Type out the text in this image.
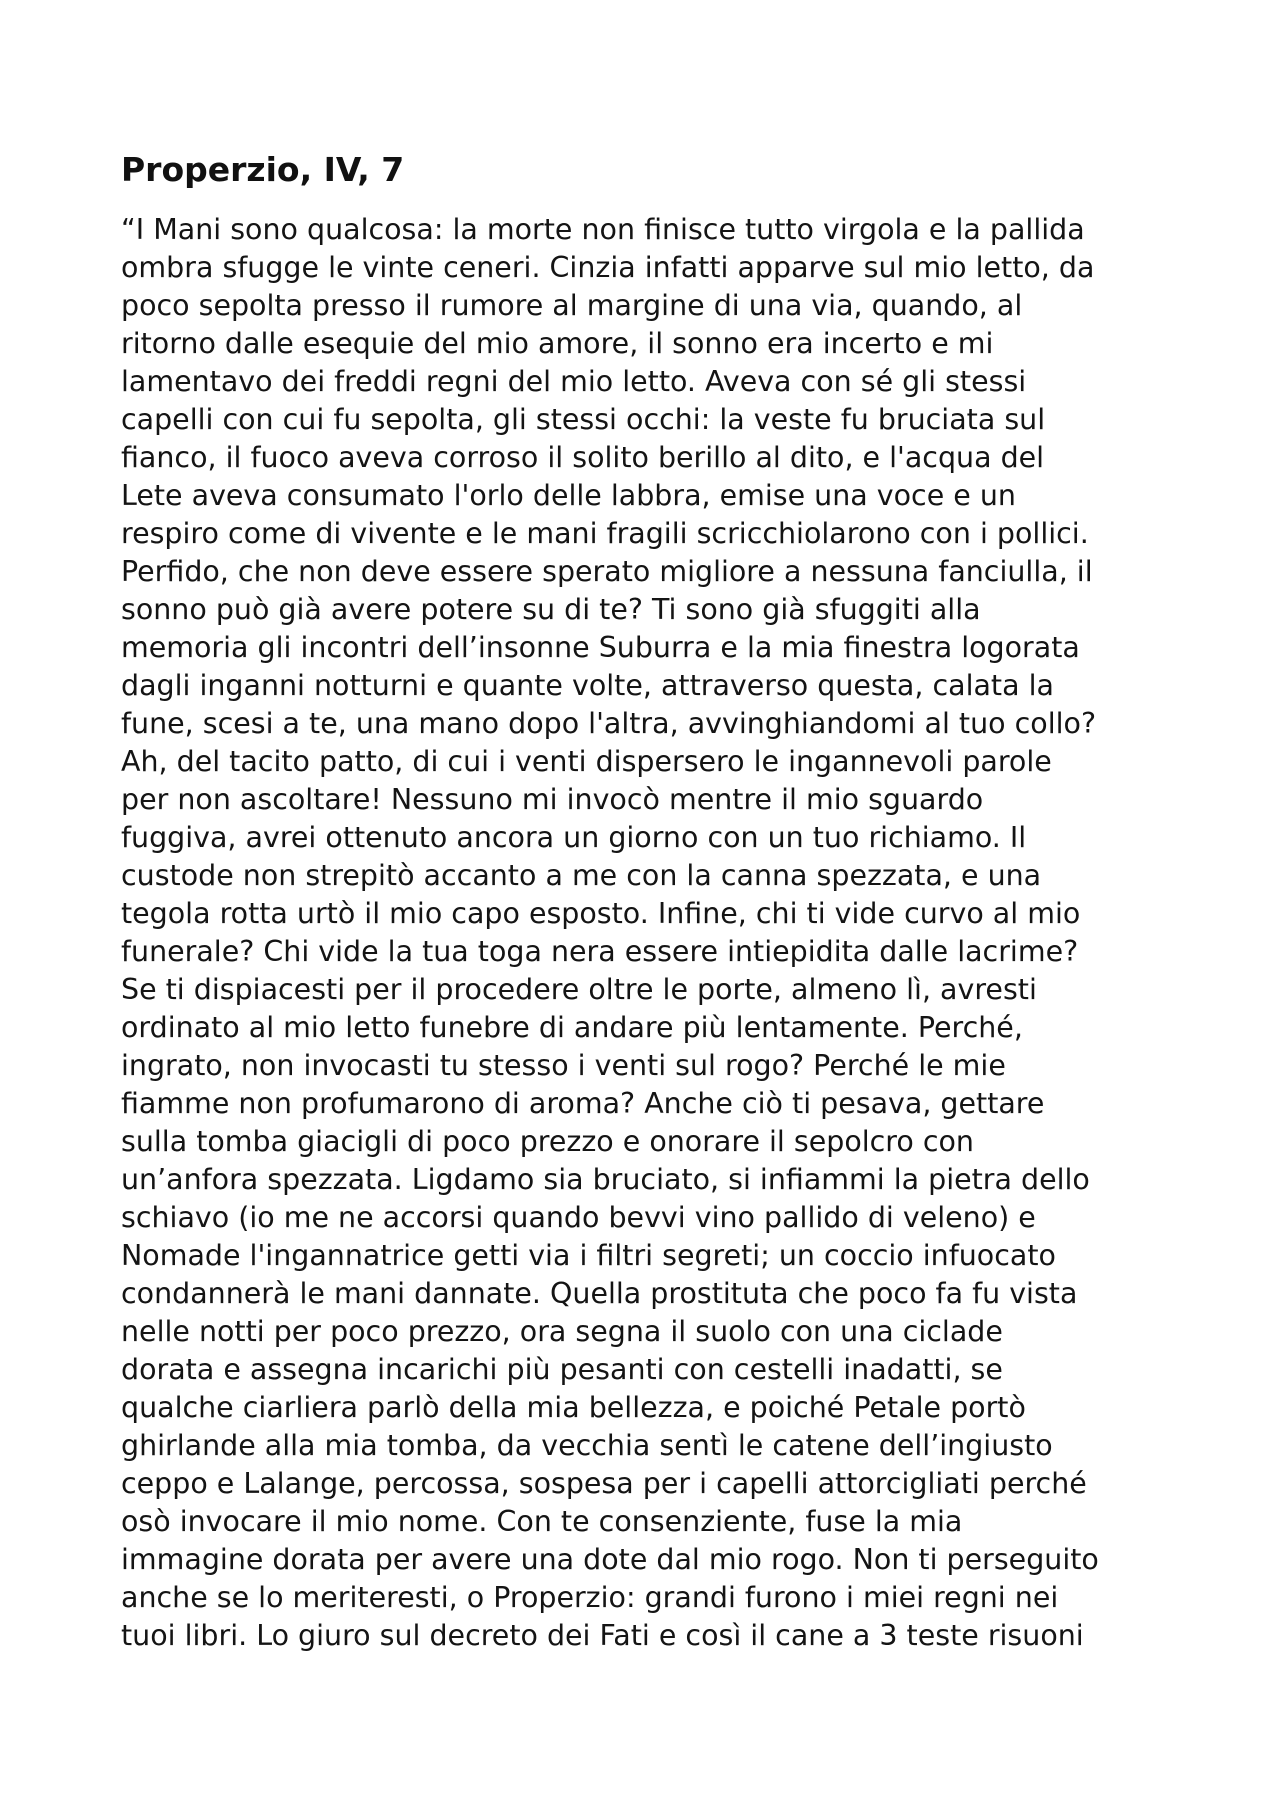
Properzio, IV, 7
“I Mani sono qualcosa: la morte non finisce tutto virgola e la pallida
ombra sfugge le vinte ceneri. Cinzia infatti apparve sul mio letto, da
poco sepolta presso il rumore al margine di una via, quando, al
ritorno dalle esequie del mio amore, il sonno era incerto e mi
lamentavo dei freddi regni del mio letto. Aveva con sé gli stessi
capelli con cui fu sepolta, gli stessi occhi: la veste fu bruciata sul
fianco, il fuoco aveva corroso il solito berillo al dito, e l'acqua del
Lete aveva consumato l'orlo delle labbra, emise una voce e un
respiro come di vivente e le mani fragili scricchiolarono con i pollici.
Perfido, che non deve essere sperato migliore a nessuna fanciulla, il
sonno può già avere potere su di te? Ti sono già sfuggiti alla
memoria gli incontri dell’insonne Suburra e la mia finestra logorata
dagli inganni notturni e quante volte, attraverso questa, calata la
fune, scesi a te, una mano dopo l'altra, avvinghiandomi al tuo collo?
Ah, del tacito patto, di cui i venti dispersero le ingannevoli parole
per non ascoltare! Nessuno mi invocò mentre il mio sguardo
fuggiva, avrei ottenuto ancora un giorno con un tuo richiamo. Il
custode non strepitò accanto a me con la canna spezzata, e una
tegola rotta urtò il mio capo esposto. Infine, chi ti vide curvo al mio
funerale? Chi vide la tua toga nera essere intiepidita dalle lacrime?
Se ti dispiacesti per il procedere oltre le porte, almeno lì, avresti
ordinato al mio letto funebre di andare più lentamente. Perché,
ingrato, non invocasti tu stesso i venti sul rogo? Perché le mie
fiamme non profumarono di aroma? Anche ciò ti pesava, gettare
sulla tomba giacigli di poco prezzo e onorare il sepolcro con
un’anfora spezzata. Ligdamo sia bruciato, si infiammi la pietra dello
schiavo (io me ne accorsi quando bevvi vino pallido di veleno) e
Nomade l'ingannatrice getti via i filtri segreti; un coccio infuocato
condannerà le mani dannate. Quella prostituta che poco fa fu vista
nelle notti per poco prezzo, ora segna il suolo con una ciclade
dorata e assegna incarichi più pesanti con cestelli inadatti, se
qualche ciarliera parlò della mia bellezza, e poiché Petale portò
ghirlande alla mia tomba, da vecchia sentì le catene dell’ingiusto
ceppo e Lalange, percossa, sospesa per i capelli attorcigliati perché
osò invocare il mio nome. Con te consenziente, fuse la mia
immagine dorata per avere una dote dal mio rogo. Non ti perseguito
anche se lo meriteresti, o Properzio: grandi furono i miei regni nei
tuoi libri. Lo giuro sul decreto dei Fati e così il cane a 3 teste risuoni
